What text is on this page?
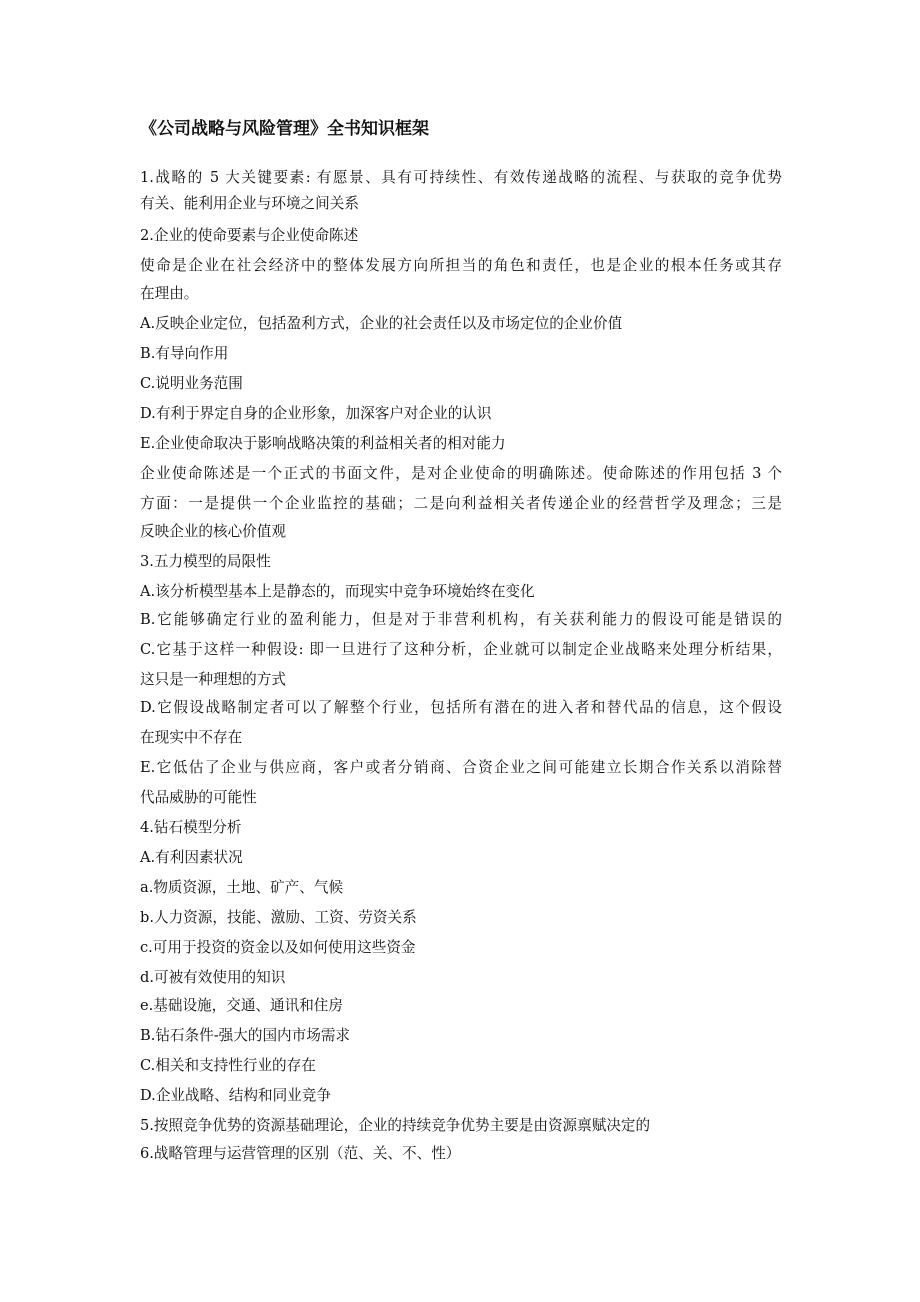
《公司战略与风险管理》全书知识框架
1.战略的 5 大关键要素: 有愿景、具有可持续性、有效传递战略的流程、与获取的竞争优势
有关、能利用企业与环境之间关系
2.企业的使命要素与企业使命陈述
使命是企业在社会经济中的整体发展方向所担当的角色和责任，也是企业的根本任务或其存
在理由。
A.反映企业定位，包括盈利方式，企业的社会责任以及市场定位的企业价值
B.有导向作用
C.说明业务范围
D.有利于界定自身的企业形象，加深客户对企业的认识
E.企业使命取决于影响战略决策的利益相关者的相对能力
企业使命陈述是一个正式的书面文件，是对企业使命的明确陈述。使命陈述的作用包括 3 个
方面：一是提供一个企业监控的基础；二是向利益相关者传递企业的经营哲学及理念；三是
反映企业的核心价值观
3.五力模型的局限性
A.该分析模型基本上是静态的，而现实中竞争环境始终在变化
B.它能够确定行业的盈利能力，但是对于非营利机构，有关获利能力的假设可能是错误的
C.它基于这样一种假设: 即一旦进行了这种分析，企业就可以制定企业战略来处理分析结果，
这只是一种理想的方式
D.它假设战略制定者可以了解整个行业，包括所有潜在的进入者和替代品的信息，这个假设
在现实中不存在
E.它低估了企业与供应商，客户或者分销商、合资企业之间可能建立长期合作关系以消除替
代品威胁的可能性
4.钻石模型分析
A.有利因素状况
a.物质资源，土地、矿产、气候
b.人力资源，技能、激励、工资、劳资关系
c.可用于投资的资金以及如何使用这些资金
d.可被有效使用的知识
e.基础设施，交通、通讯和住房
B.钻石条件-强大的国内市场需求
C.相关和支持性行业的存在
D.企业战略、结构和同业竞争
5.按照竞争优势的资源基础理论，企业的持续竞争优势主要是由资源禀赋决定的
6.战略管理与运营管理的区别（范、关、不、性）
